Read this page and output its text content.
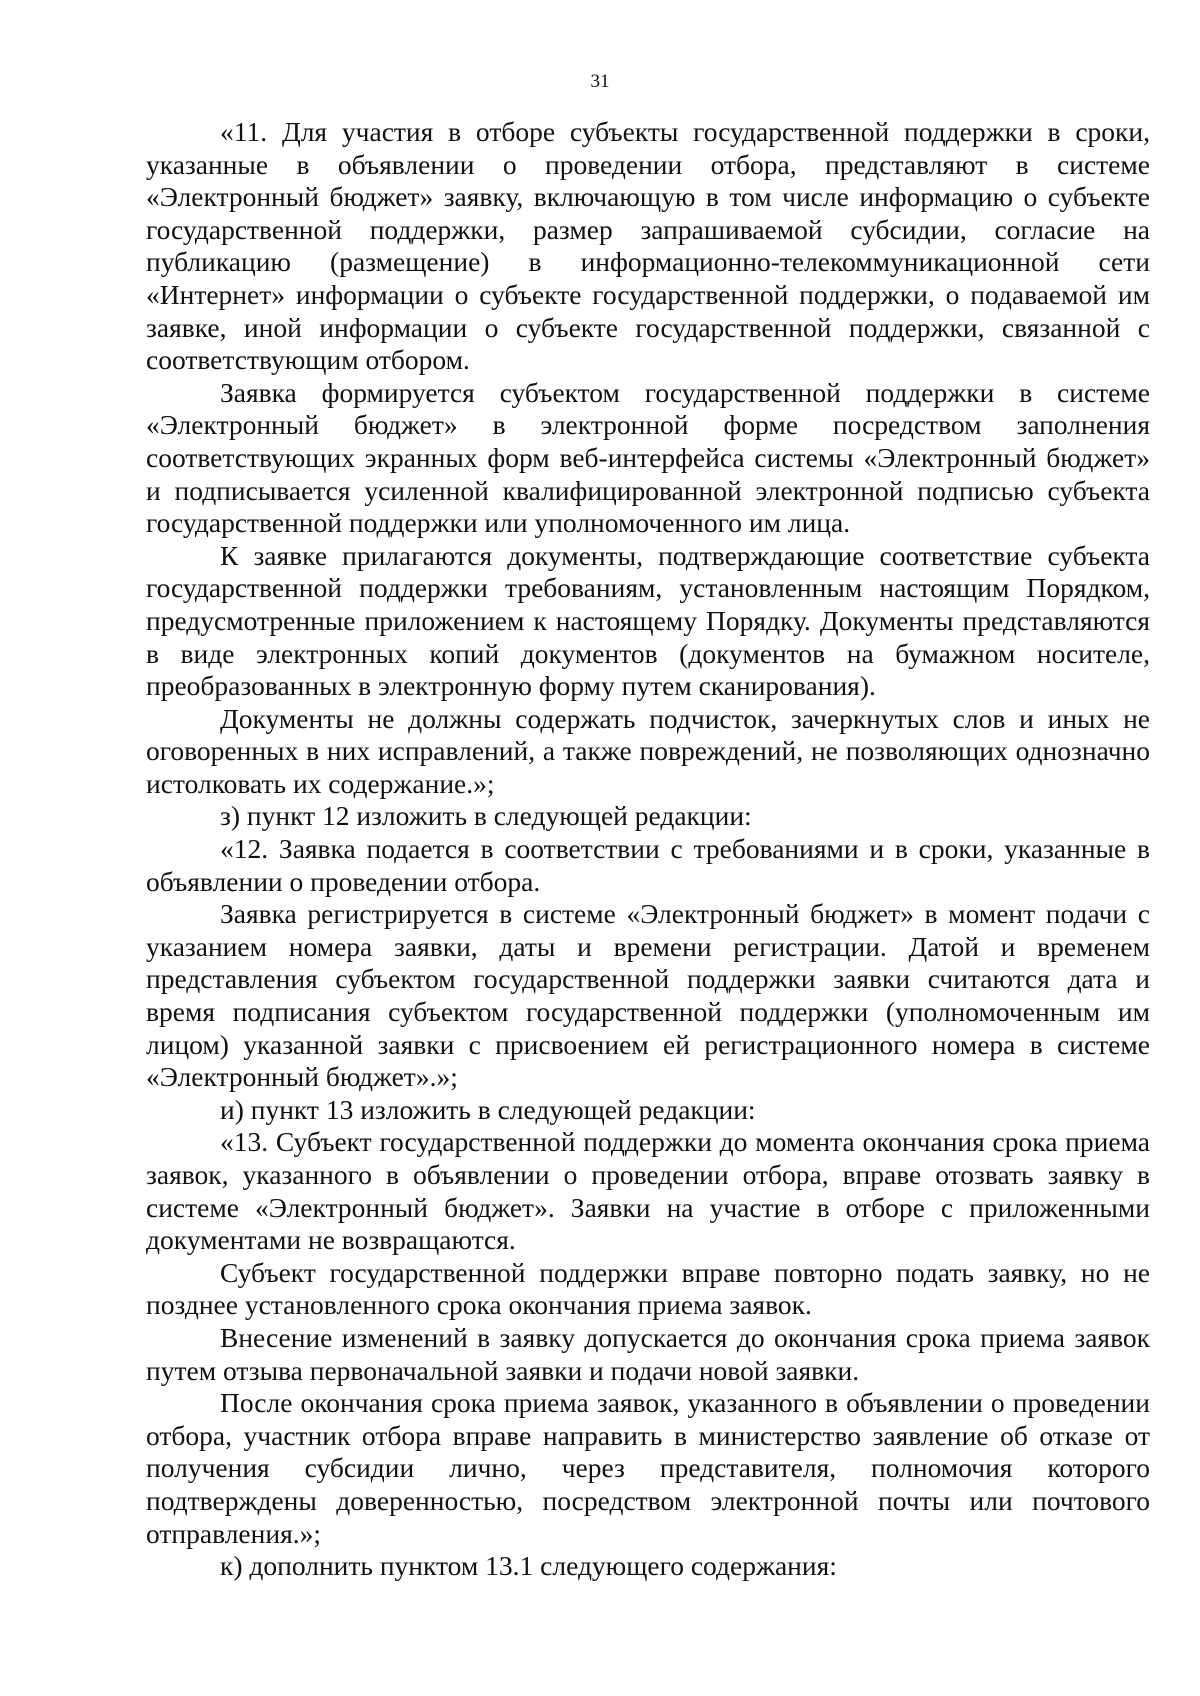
31

«11. Для участия в отборе субъекты государственной поддержки в сроки, указанные в объявлении о проведении отбора, представляют в системе «Электронный бюджет» заявку, включающую в том числе информацию о субъекте государственной поддержки, размер запрашиваемой субсидии, согласие на публикацию (размещение) в информационно-телекоммуникационной сети «Интернет» информации о субъекте государственной поддержки, о подаваемой им заявке, иной информации о субъекте государственной поддержки, связанной с соответствующим отбором.

Заявка формируется субъектом государственной поддержки в системе «Электронный бюджет» в электронной форме посредством заполнения соответствующих экранных форм веб-интерфейса системы «Электронный бюджет» и подписывается усиленной квалифицированной электронной подписью субъекта государственной поддержки или уполномоченного им лица.

К заявке прилагаются документы, подтверждающие соответствие субъекта государственной поддержки требованиям, установленным настоящим Порядком, предусмотренные приложением к настоящему Порядку. Документы представляются в виде электронных копий документов (документов на бумажном носителе, преобразованных в электронную форму путем сканирования).

Документы не должны содержать подчисток, зачеркнутых слов и иных не оговоренных в них исправлений, а также повреждений, не позволяющих однозначно истолковать их содержание.»;

з) пункт 12 изложить в следующей редакции:

«12. Заявка подается в соответствии с требованиями и в сроки, указанные в объявлении о проведении отбора.

Заявка регистрируется в системе «Электронный бюджет» в момент подачи с указанием номера заявки, даты и времени регистрации. Датой и временем представления субъектом государственной поддержки заявки считаются дата и время подписания субъектом государственной поддержки (уполномоченным им лицом) указанной заявки с присвоением ей регистрационного номера в системе «Электронный бюджет».»;

и) пункт 13 изложить в следующей редакции:

«13. Субъект государственной поддержки до момента окончания срока приема заявок, указанного в объявлении о проведении отбора, вправе отозвать заявку в системе «Электронный бюджет». Заявки на участие в отборе с приложенными документами не возвращаются.

Субъект государственной поддержки вправе повторно подать заявку, но не позднее установленного срока окончания приема заявок.

Внесение изменений в заявку допускается до окончания срока приема заявок путем отзыва первоначальной заявки и подачи новой заявки.

После окончания срока приема заявок, указанного в объявлении о проведении отбора, участник отбора вправе направить в министерство заявление об отказе от получения субсидии лично, через представителя, полномочия которого подтверждены доверенностью, посредством электронной почты или почтового отправления.»;

к) дополнить пунктом 13.1 следующего содержания:
